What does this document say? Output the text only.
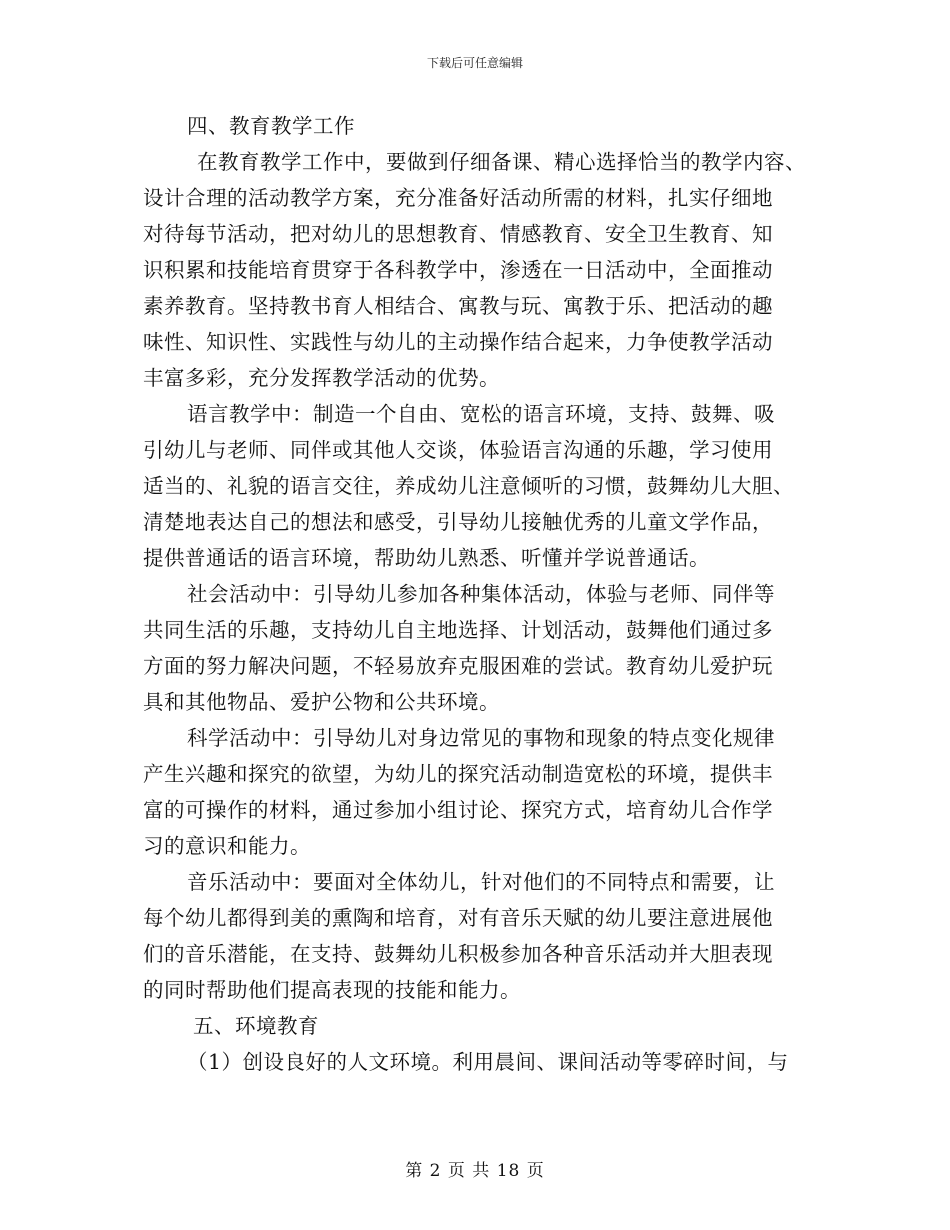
下载后可任意编辑
四、教育教学工作
在教育教学工作中，要做到仔细备课、精心选择恰当的教学内容、
设计合理的活动教学方案，充分准备好活动所需的材料，扎实仔细地
对待每节活动，把对幼儿的思想教育、情感教育、安全卫生教育、知
识积累和技能培育贯穿于各科教学中，渗透在一日活动中，全面推动
素养教育。坚持教书育人相结合、寓教与玩、寓教于乐、把活动的趣
味性、知识性、实践性与幼儿的主动操作结合起来，力争使教学活动
丰富多彩，充分发挥教学活动的优势。
语言教学中：制造一个自由、宽松的语言环境，支持、鼓舞、吸
引幼儿与老师、同伴或其他人交谈，体验语言沟通的乐趣，学习使用
适当的、礼貌的语言交往，养成幼儿注意倾听的习惯，鼓舞幼儿大胆、
清楚地表达自己的想法和感受，引导幼儿接触优秀的儿童文学作品，
提供普通话的语言环境，帮助幼儿熟悉、听懂并学说普通话。
社会活动中：引导幼儿参加各种集体活动，体验与老师、同伴等
共同生活的乐趣，支持幼儿自主地选择、计划活动，鼓舞他们通过多
方面的努力解决问题，不轻易放弃克服困难的尝试。教育幼儿爱护玩
具和其他物品、爱护公物和公共环境。
科学活动中：引导幼儿对身边常见的事物和现象的特点变化规律
产生兴趣和探究的欲望，为幼儿的探究活动制造宽松的环境，提供丰
富的可操作的材料，通过参加小组讨论、探究方式，培育幼儿合作学
习的意识和能力。
音乐活动中：要面对全体幼儿，针对他们的不同特点和需要，让
每个幼儿都得到美的熏陶和培育，对有音乐天赋的幼儿要注意进展他
们的音乐潜能，在支持、鼓舞幼儿积极参加各种音乐活动并大胆表现
的同时帮助他们提高表现的技能和能力。
五、环境教育
（1）创设良好的人文环境。利用晨间、课间活动等零碎时间，与
第 2 页 共 18 页
